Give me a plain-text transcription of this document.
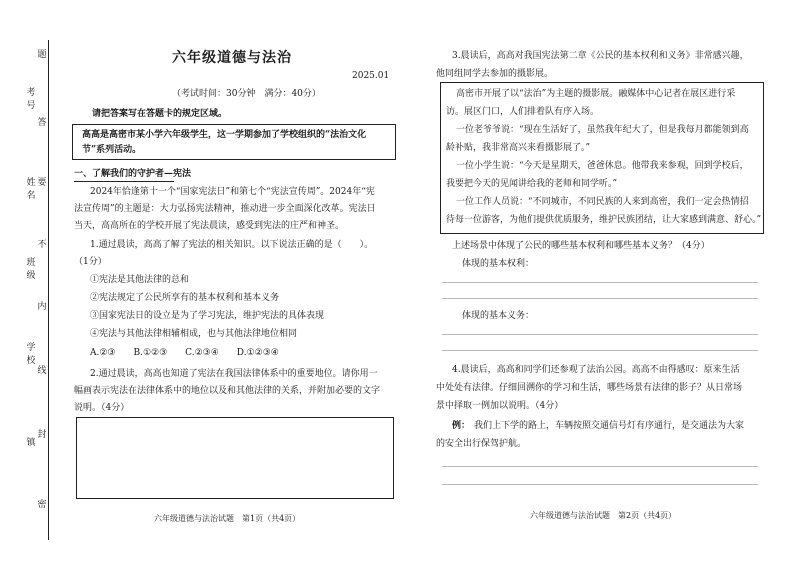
题
答
要
不
内
线
封
密
考号
姓名
班级
学校
镇
六年级道德与法治
2025.01
（考试时间：30分钟　满分：40分）
请把答案写在答题卡的规定区域。
高高是高密市某小学六年级学生，这一学期参加了学校组织的“法治文化
节”系列活动。
一、了解我们的守护者—宪法
2024年恰逢第十一个“国家宪法日”和第七个“宪法宣传周”。2024年“宪
法宣传周”的主题是：大力弘扬宪法精神，推动进一步全面深化改革。宪法日
当天，高高所在的学校开展了宪法晨读，感受到宪法的庄严和神圣。
1.通过晨读，高高了解了宪法的相关知识。以下说法正确的是（　　）。
（1分）
①宪法是其他法律的总和
②宪法规定了公民所享有的基本权利和基本义务
③国家宪法日的设立是为了学习宪法，维护宪法的具体表现
④宪法与其他法律相辅相成，也与其他法律地位相同
A.②③　　B.①②③　　C.②③④　　D.①②③④
2.通过晨读，高高也知道了宪法在我国法律体系中的重要地位。请你用一
幅画表示宪法在法律体系中的地位以及和其他法律的关系，并附加必要的文字
说明。（4分）
六年级道德与法治试题　第1页（共4页）
3.晨读后，高高对我国宪法第二章《公民的基本权利和义务》非常感兴趣，
他同组同学去参加的摄影展。
高密市开展了以“法治”为主题的摄影展。融媒体中心记者在展区进行采
访。展区门口，人们排着队有序入场。
一位老爷爷说：“现在生活好了，虽然我年纪大了，但是我每月都能领到高
龄补贴，我非常高兴来看摄影展了。”
一位小学生说：“今天是星期天，爸爸休息。他带我来参观，回到学校后，
我要把今天的见闻讲给我的老师和同学听。”
一位工作人员说：“不同城市，不同民族的人来到高密，我们一定会热情招
待每一位游客，为他们提供优质服务，维护民族团结，让大家感到满意、舒心。”
上述场景中体现了公民的哪些基本权利和哪些基本义务？（4分）
体现的基本权利：
体现的基本义务：
4.晨读后，高高和同学们还参观了法治公园。高高不由得感叹：原来生活
中处处有法律。仔细回溯你的学习和生活，哪些场景有法律的影子？从日常场
景中择取一例加以说明。（4分）
例： 我们上下学的路上，车辆按照交通信号灯有序通行，是交通法为大家
的安全出行保驾护航。
六年级道德与法治试题　第2页（共4页）
